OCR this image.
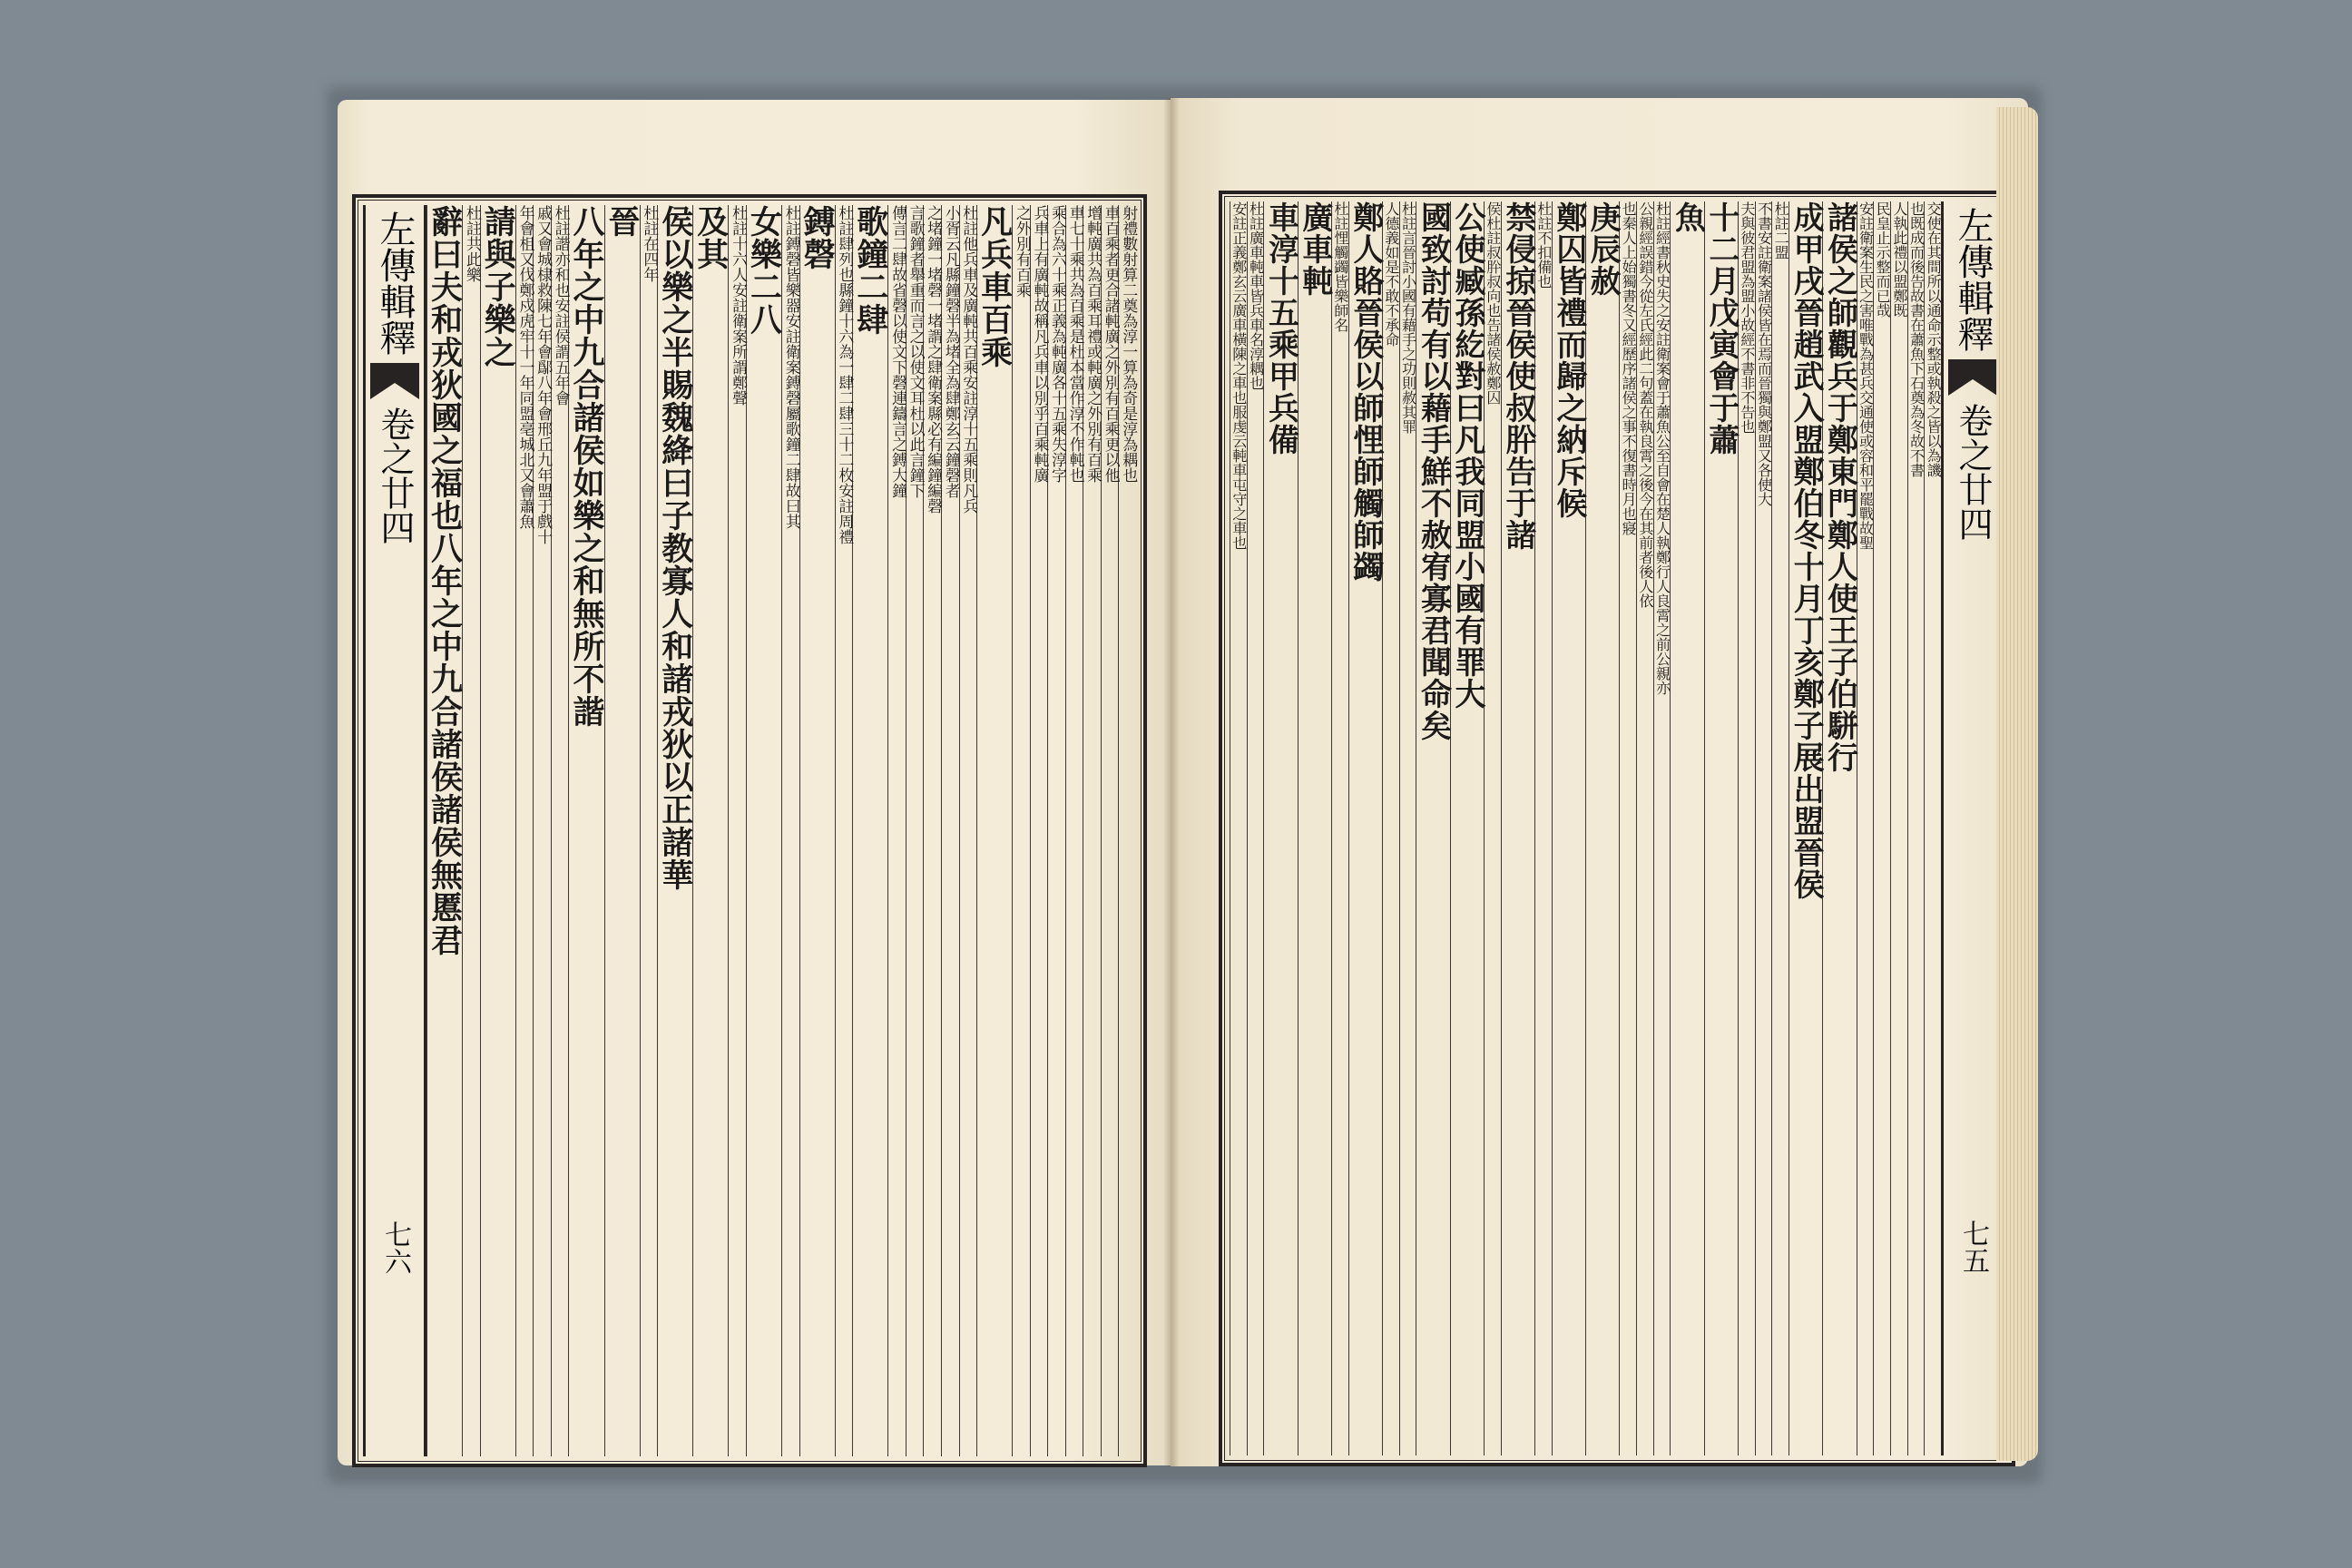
左傳輯釋
卷之廿四
七六
射禮數射算二奠為淳一算為奇是淳為耦也
車百乘者更合諸軘廣之外別有百乘更以他
增軘廣共為百乘耳禮或軘廣之外別有百乘
車七十乘共為百乘是杜本當作淳不作軘也
乘合為六十乘正義為軘廣各十五乘失淳字
兵車上有廣軘故稱凡兵車以別乎百乘軘廣
之外別有百乘
凡兵車百乘
杜註他兵車及廣軘共百乘安註淳十五乘則凡兵
小胥云凡縣鐘磬半為堵全為肆鄭玄云鐘磬者
之堵鐘一堵磬一堵謂之肆衛案縣必有編鐘編磬
言歌鐘者舉重而言之以使文耳杜以此言鐘下
傳言二肆故省磬以使文下磬連鑄言之鎛大鐘
歌鐘二肆
杜註肆列也縣鐘十六為一肆二肆三十二枚安註周禮
鎛磬
杜註鎛磬皆樂器安註衛案鎛磬屬歌鐘二肆故曰其
女樂二八
杜註十六人安註衛案所謂鄭聲
及其
侯以樂之半賜魏絳曰子教寡人和諸戎狄以正諸華
杜註在四年
晉
八年之中九合諸侯如樂之和無所不諧
杜註諧亦和也安註侯謂五年會
戚又會城棣救陳七年會鄬八年會邢丘九年盟于戲十
年會柤又伐鄭戍虎牢十一年同盟亳城北又會蕭魚
請與子樂之
杜註共此樂
辭曰夫和戎狄國之福也八年之中九合諸侯諸侯無慝君	左傳輯釋
卷之廿四
七五
交使在其間所以通命示整或執殺之皆以為譏
也既成而後告故書在蕭魚下石奠為冬故不書
人執此禮以盟鄭既
民皇止示整而已哉
安註衛案生民之害唯戰為甚兵交通使或容和平罷戰故聖
諸侯之師觀兵于鄭東門鄭人使王子伯駢行
成甲戌晉趙武入盟鄭伯冬十月丁亥鄭子展出盟晉侯
杜註二盟
不書安註衛案諸侯皆在焉而晉獨與鄭盟又各使大
夫與彼君盟為盟小故經不書非不告也
十二月戊寅會于蕭
魚
杜註經書秋史失之安註衛案會于蕭魚公至自會在楚人執鄭行人良霄之前公親亦
公親經誤錯今從左氏經此二句蓋在執良霄之後今在其前者後人依
也秦人上始獨書冬又經歷序諸侯之事不復書時月也寢
庚辰赦
鄭囚皆禮而歸之納斥候
杜註不扣備也
禁侵掠晉侯使叔肸告于諸
侯杜註叔肸叔向也告諸侯赦鄭囚
公使臧孫紇對曰凡我同盟小國有罪大
國致討苟有以藉手鮮不赦宥寡君聞命矣
杜註言晉討小國有藉手之功則赦其罪
人德義如是不敢不承命
鄭人賂晉侯以師悝師觸師蠲
杜註悝觸蠲皆樂師名
廣車軘
車淳十五乘甲兵備
杜註廣車軘車皆兵車名淳耦也
安註正義鄭玄云廣車橫陳之車也服虔云軘車屯守之車也
